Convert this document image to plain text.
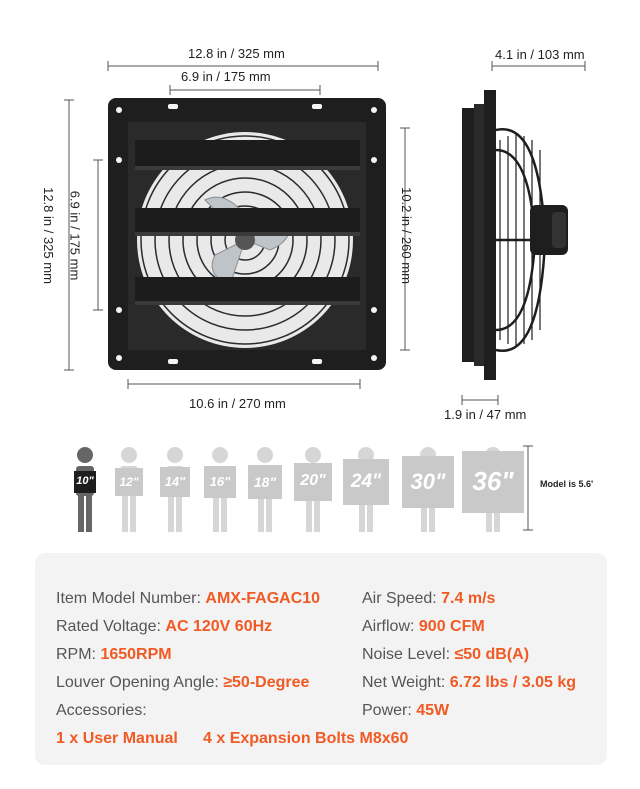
12.8 in / 325 mm
6.9 in / 175 mm
4.1 in / 103 mm
12.8 in / 325 mm 6.9 in / 175 mm	10.2 in / 260 mm
10.6 in / 270 mm
1.9 in / 47 mm
10"	12"	14"	16"	18"	20"	24"	30"	36"	Model is 5.6'
Item Model Number: AMX-FAGAC10
Rated Voltage: AC 120V 60Hz
RPM: 1650RPM
Louver Opening Angle: ≥50-Degree
Accessories:
Air Speed: 7.4 m/s
Airflow: 900 CFM
Noise Level: ≤50 dB(A)
Net Weight: 6.72 lbs / 3.05 kg
Power: 45W
1 x User Manual 4 x Expansion Bolts M8x60
